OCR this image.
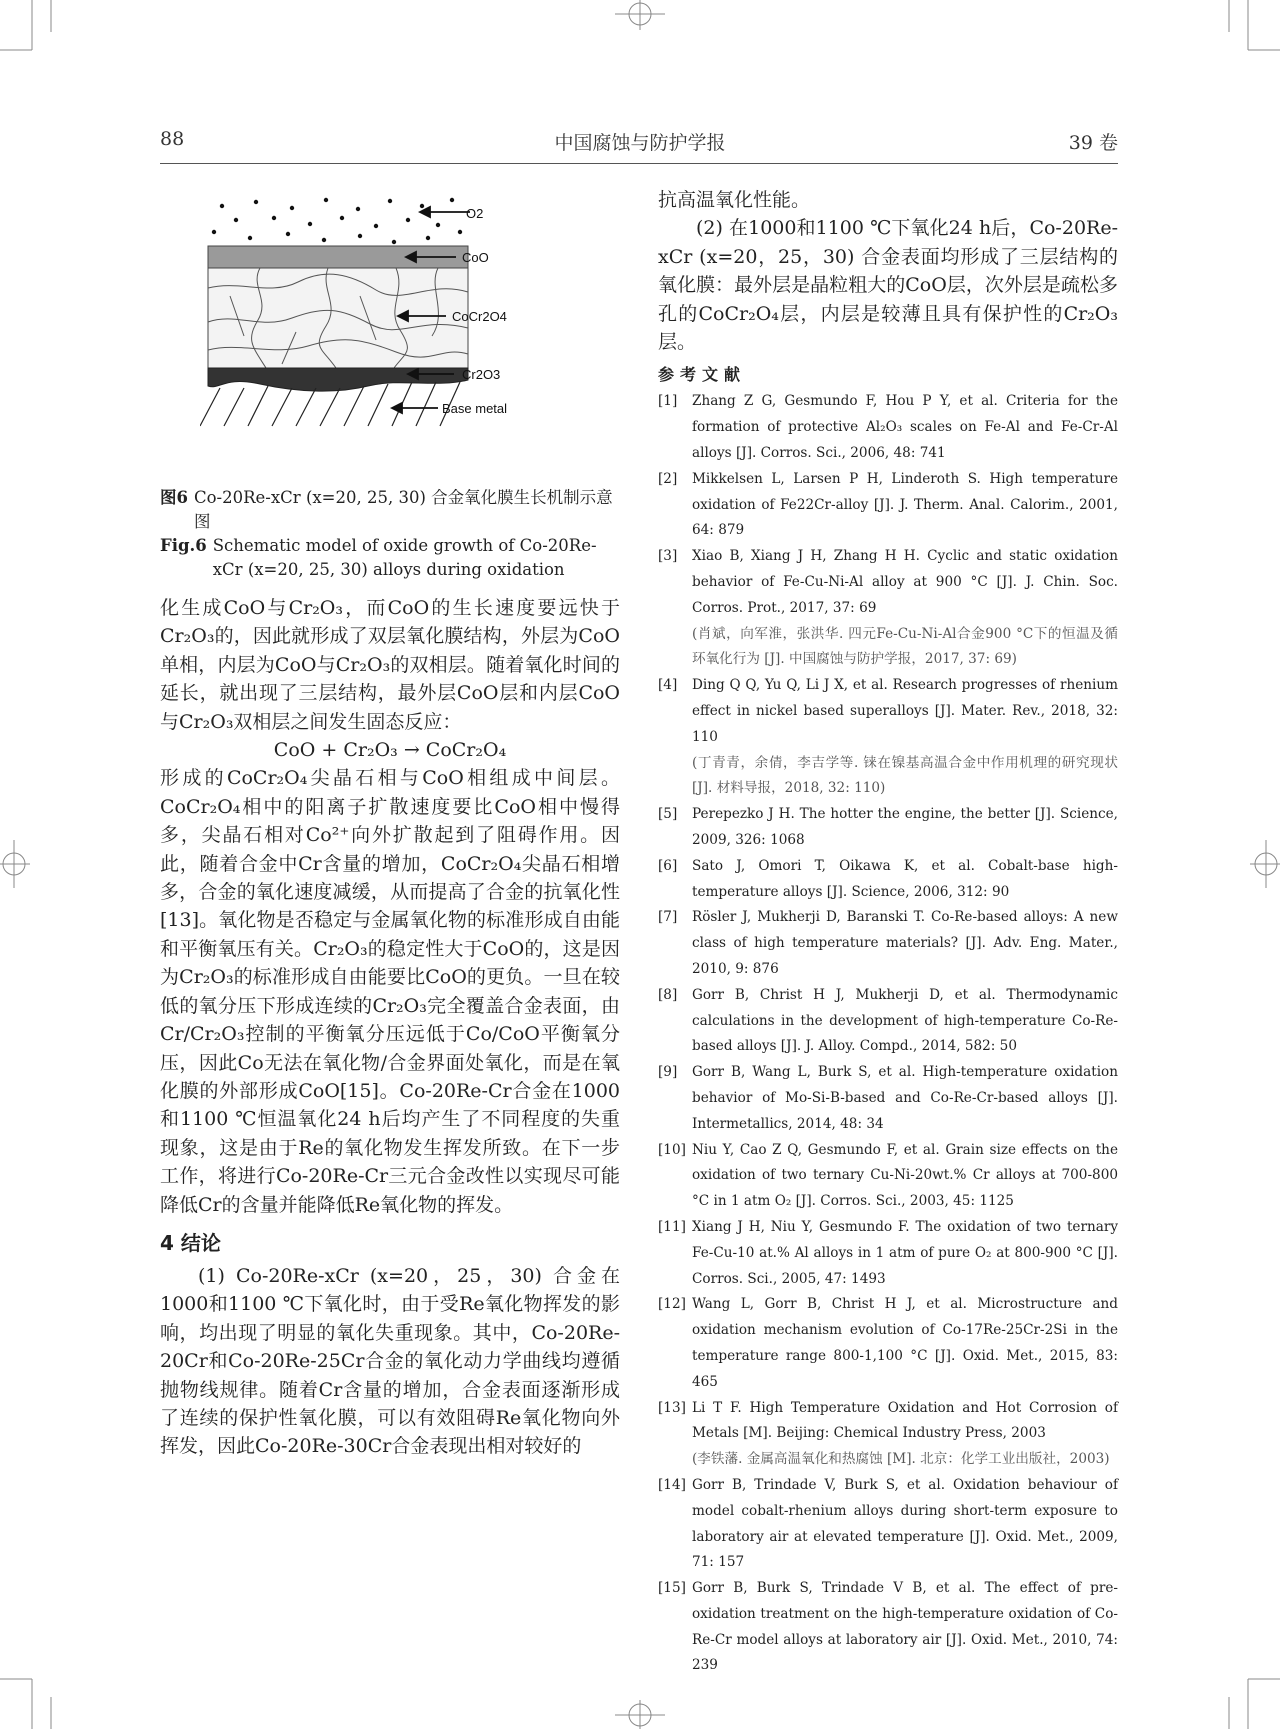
88	中国腐蚀与防护学报	39 卷
O2
CoO
CoCr2O4
Cr2O3
Base metal
图6 Co-20Re-xCr (x=20, 25, 30) 合金氧化膜生长机制示意图
Fig.6 Schematic model of oxide growth of Co-20Re-xCr (x=20, 25, 30) alloys during oxidation

化生成CoO与Cr₂O₃，而CoO的生长速度要远快于Cr₂O₃的，因此就形成了双层氧化膜结构，外层为CoO单相，内层为CoO与Cr₂O₃的双相层。随着氧化时间的延长，就出现了三层结构，最外层CoO层和内层CoO与Cr₂O₃双相层之间发生固态反应：

CoO + Cr₂O₃ → CoCr₂O₄

形成的CoCr₂O₄尖晶石相与CoO相组成中间层。CoCr₂O₄相中的阳离子扩散速度要比CoO相中慢得多，尖晶石相对Co²⁺向外扩散起到了阻碍作用。因此，随着合金中Cr含量的增加，CoCr₂O₄尖晶石相增多，合金的氧化速度减缓，从而提高了合金的抗氧化性[13]。氧化物是否稳定与金属氧化物的标准形成自由能和平衡氧压有关。Cr₂O₃的稳定性大于CoO的，这是因为Cr₂O₃的标准形成自由能要比CoO的更负。一旦在较低的氧分压下形成连续的Cr₂O₃完全覆盖合金表面，由Cr/Cr₂O₃控制的平衡氧分压远低于Co/CoO平衡氧分压，因此Co无法在氧化物/合金界面处氧化，而是在氧化膜的外部形成CoO[15]。Co-20Re-Cr合金在1000和1100 ℃恒温氧化24 h后均产生了不同程度的失重现象，这是由于Re的氧化物发生挥发所致。在下一步工作，将进行Co-20Re-Cr三元合金改性以实现尽可能降低Cr的含量并能降低Re氧化物的挥发。

4 结论

(1) Co-20Re-xCr (x=20，25，30) 合金在1000和1100 ℃下氧化时，由于受Re氧化物挥发的影响，均出现了明显的氧化失重现象。其中，Co-20Re-20Cr和Co-20Re-25Cr合金的氧化动力学曲线均遵循抛物线规律。随着Cr含量的增加，合金表面逐渐形成了连续的保护性氧化膜，可以有效阻碍Re氧化物向外挥发，因此Co-20Re-30Cr合金表现出相对较好的

抗高温氧化性能。

(2) 在1000和1100 ℃下氧化24 h后，Co-20Re-xCr (x=20，25，30) 合金表面均形成了三层结构的氧化膜：最外层是晶粒粗大的CoO层，次外层是疏松多孔的CoCr₂O₄层，内层是较薄且具有保护性的Cr₂O₃层。

参考文献
[1]	Zhang Z G, Gesmundo F, Hou P Y, et al. Criteria for the formation of protective Al₂O₃ scales on Fe-Al and Fe-Cr-Al alloys [J]. Corros. Sci., 2006, 48: 741
[2]	Mikkelsen L, Larsen P H, Linderoth S. High temperature oxidation of Fe22Cr-alloy [J]. J. Therm. Anal. Calorim., 2001, 64: 879
[3]	Xiao B, Xiang J H, Zhang H H. Cyclic and static oxidation behavior of Fe-Cu-Ni-Al alloy at 900 °C [J]. J. Chin. Soc. Corros. Prot., 2017, 37: 69
(肖斌，向军淮，张洪华. 四元Fe-Cu-Ni-Al合金900 °C下的恒温及循环氧化行为 [J]. 中国腐蚀与防护学报，2017, 37: 69)
[4]	Ding Q Q, Yu Q, Li J X, et al. Research progresses of rhenium effect in nickel based superalloys [J]. Mater. Rev., 2018, 32: 110
(丁青青，余倩，李吉学等. 铼在镍基高温合金中作用机理的研究现状 [J]. 材料导报，2018, 32: 110)
[5]	Perepezko J H. The hotter the engine, the better [J]. Science, 2009, 326: 1068
[6]	Sato J, Omori T, Oikawa K, et al. Cobalt-base high-temperature alloys [J]. Science, 2006, 312: 90
[7]	Rösler J, Mukherji D, Baranski T. Co-Re-based alloys: A new class of high temperature materials? [J]. Adv. Eng. Mater., 2010, 9: 876
[8]	Gorr B, Christ H J, Mukherji D, et al. Thermodynamic calculations in the development of high-temperature Co-Re-based alloys [J]. J. Alloy. Compd., 2014, 582: 50
[9]	Gorr B, Wang L, Burk S, et al. High-temperature oxidation behavior of Mo-Si-B-based and Co-Re-Cr-based alloys [J]. Intermetallics, 2014, 48: 34
[10] Niu Y, Cao Z Q, Gesmundo F, et al. Grain size effects on the oxidation of two ternary Cu-Ni-20wt.% Cr alloys at 700-800 °C in 1 atm O₂ [J]. Corros. Sci., 2003, 45: 1125
[11] Xiang J H, Niu Y, Gesmundo F. The oxidation of two ternary Fe-Cu-10 at.% Al alloys in 1 atm of pure O₂ at 800-900 °C [J]. Corros. Sci., 2005, 47: 1493
[12] Wang L, Gorr B, Christ H J, et al. Microstructure and oxidation mechanism evolution of Co-17Re-25Cr-2Si in the temperature range 800-1,100 °C [J]. Oxid. Met., 2015, 83: 465
[13] Li T F. High Temperature Oxidation and Hot Corrosion of Metals [M]. Beijing: Chemical Industry Press, 2003
(李铁藩. 金属高温氧化和热腐蚀 [M]. 北京：化学工业出版社，2003)
[14] Gorr B, Trindade V, Burk S, et al. Oxidation behaviour of model cobalt-rhenium alloys during short-term exposure to laboratory air at elevated temperature [J]. Oxid. Met., 2009, 71: 157
[15] Gorr B, Burk S, Trindade V B, et al. The effect of pre-oxidation treatment on the high-temperature oxidation of Co-Re-Cr model alloys at laboratory air [J]. Oxid. Met., 2010, 74: 239
